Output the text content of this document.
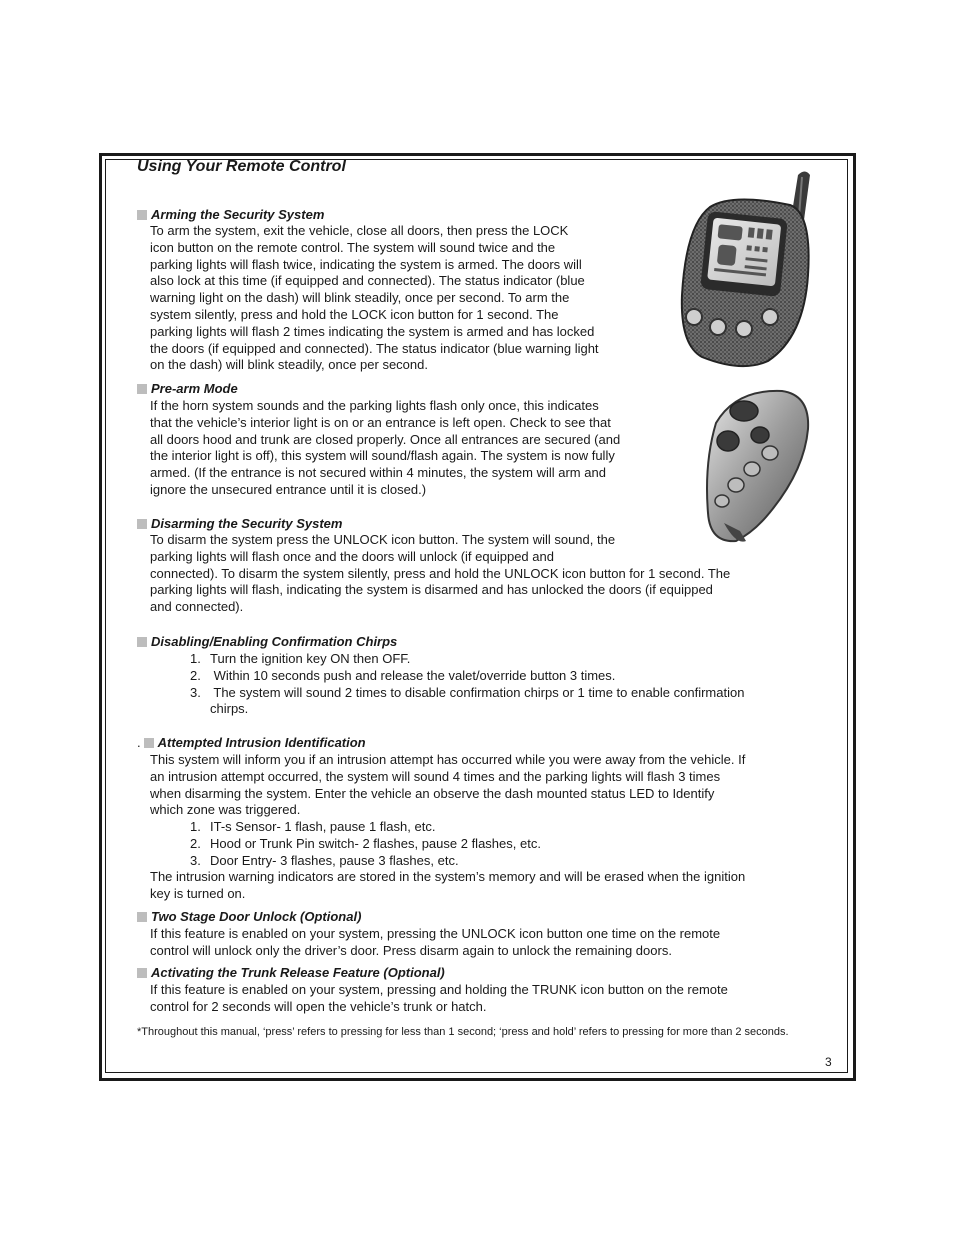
Using Your Remote Control
Arming the Security System
To arm the system, exit the vehicle, close all doors, then press the LOCK
icon button on the remote control. The system will sound twice and the
parking lights will flash twice, indicating the system is armed. The doors will
also lock at this time (if equipped and connected). The status indicator (blue
warning light on the dash) will blink steadily, once per second. To arm the
system silently, press and hold the LOCK icon button for 1 second. The
parking lights will flash 2 times indicating the system is armed and has locked
the doors (if equipped and connected). The status indicator (blue warning light
on the dash) will blink steadily, once per second.
Pre-arm Mode
If the horn system sounds and the parking lights flash only once, this indicates
that the vehicle’s interior light is on or an entrance is left open. Check to see that
all doors hood and trunk are closed properly. Once all entrances are secured (and
the interior light is off), this system will sound/flash again. The system is now fully
armed. (If the entrance is not secured within 4 minutes, the system will arm and
ignore the unsecured entrance until it is closed.)
Disarming the Security System
To disarm the system press the UNLOCK icon button. The system will sound, the
parking lights will flash once and the doors will unlock (if equipped and
connected). To disarm the system silently, press and hold the UNLOCK icon button for 1 second. The
parking lights will flash, indicating the system is disarmed and has unlocked the doors (if equipped
and connected).
Disabling/Enabling Confirmation Chirps
1. Turn the ignition key ON then OFF.
2. Within 10 seconds push and release the valet/override button 3 times.
3. The system will sound 2 times to disable confirmation chirps or 1 time to enable confirmation
chirps.
. Attempted Intrusion Identification
This system will inform you if an intrusion attempt has occurred while you were away from the vehicle. If
an intrusion attempt occurred, the system will sound 4 times and the parking lights will flash 3 times
when disarming the system. Enter the vehicle an observe the dash mounted status LED to Identify
which zone was triggered.
1. IT-s Sensor- 1 flash, pause 1 flash, etc.
2. Hood or Trunk Pin switch- 2 flashes, pause 2 flashes, etc.
3. Door Entry- 3 flashes, pause 3 flashes, etc.
The intrusion warning indicators are stored in the system’s memory and will be erased when the ignition
key is turned on.
Two Stage Door Unlock (Optional)
If this feature is enabled on your system, pressing the UNLOCK icon button one time on the remote
control will unlock only the driver’s door. Press disarm again to unlock the remaining doors.
Activating the Trunk Release Feature (Optional)
If this feature is enabled on your system, pressing and holding the TRUNK icon button on the remote
control for 2 seconds will open the vehicle’s trunk or hatch.
*Throughout this manual, ‘press’ refers to pressing for less than 1 second; ‘press and hold’ refers to pressing for more than 2 seconds.
3
